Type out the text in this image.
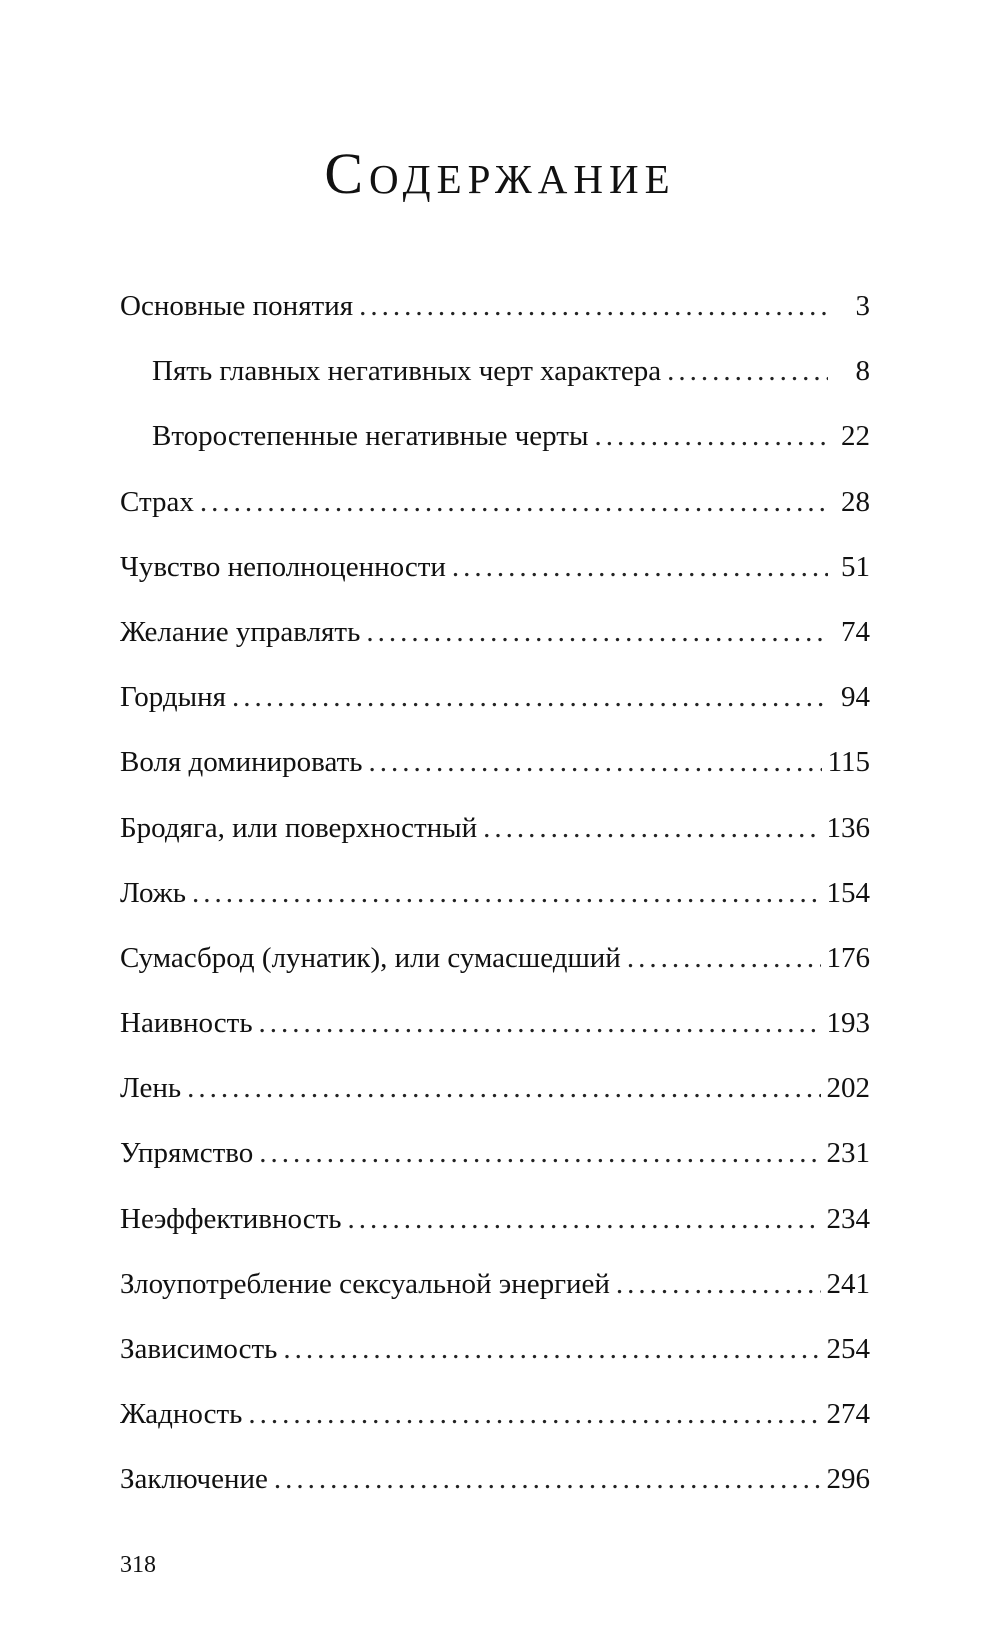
Содержание
Основные понятия .....	3
Пять главных негативных черт характера .....	8
Второстепенные негативные черты .....	22
Страх .....	28
Чувство неполноценности .....	51
Желание управлять .....	74
Гордыня .....	94
Воля доминировать .....	115
Бродяга, или поверхностный .....	136
Ложь .....	154
Сумасброд (лунатик), или сумасшедший .....	176
Наивность .....	193
Лень .....	202
Упрямство .....	231
Неэффективность .....	234
Злоупотребление сексуальной энергией .....	241
Зависимость .....	254
Жадность .....	274
Заключение .....	296
318
